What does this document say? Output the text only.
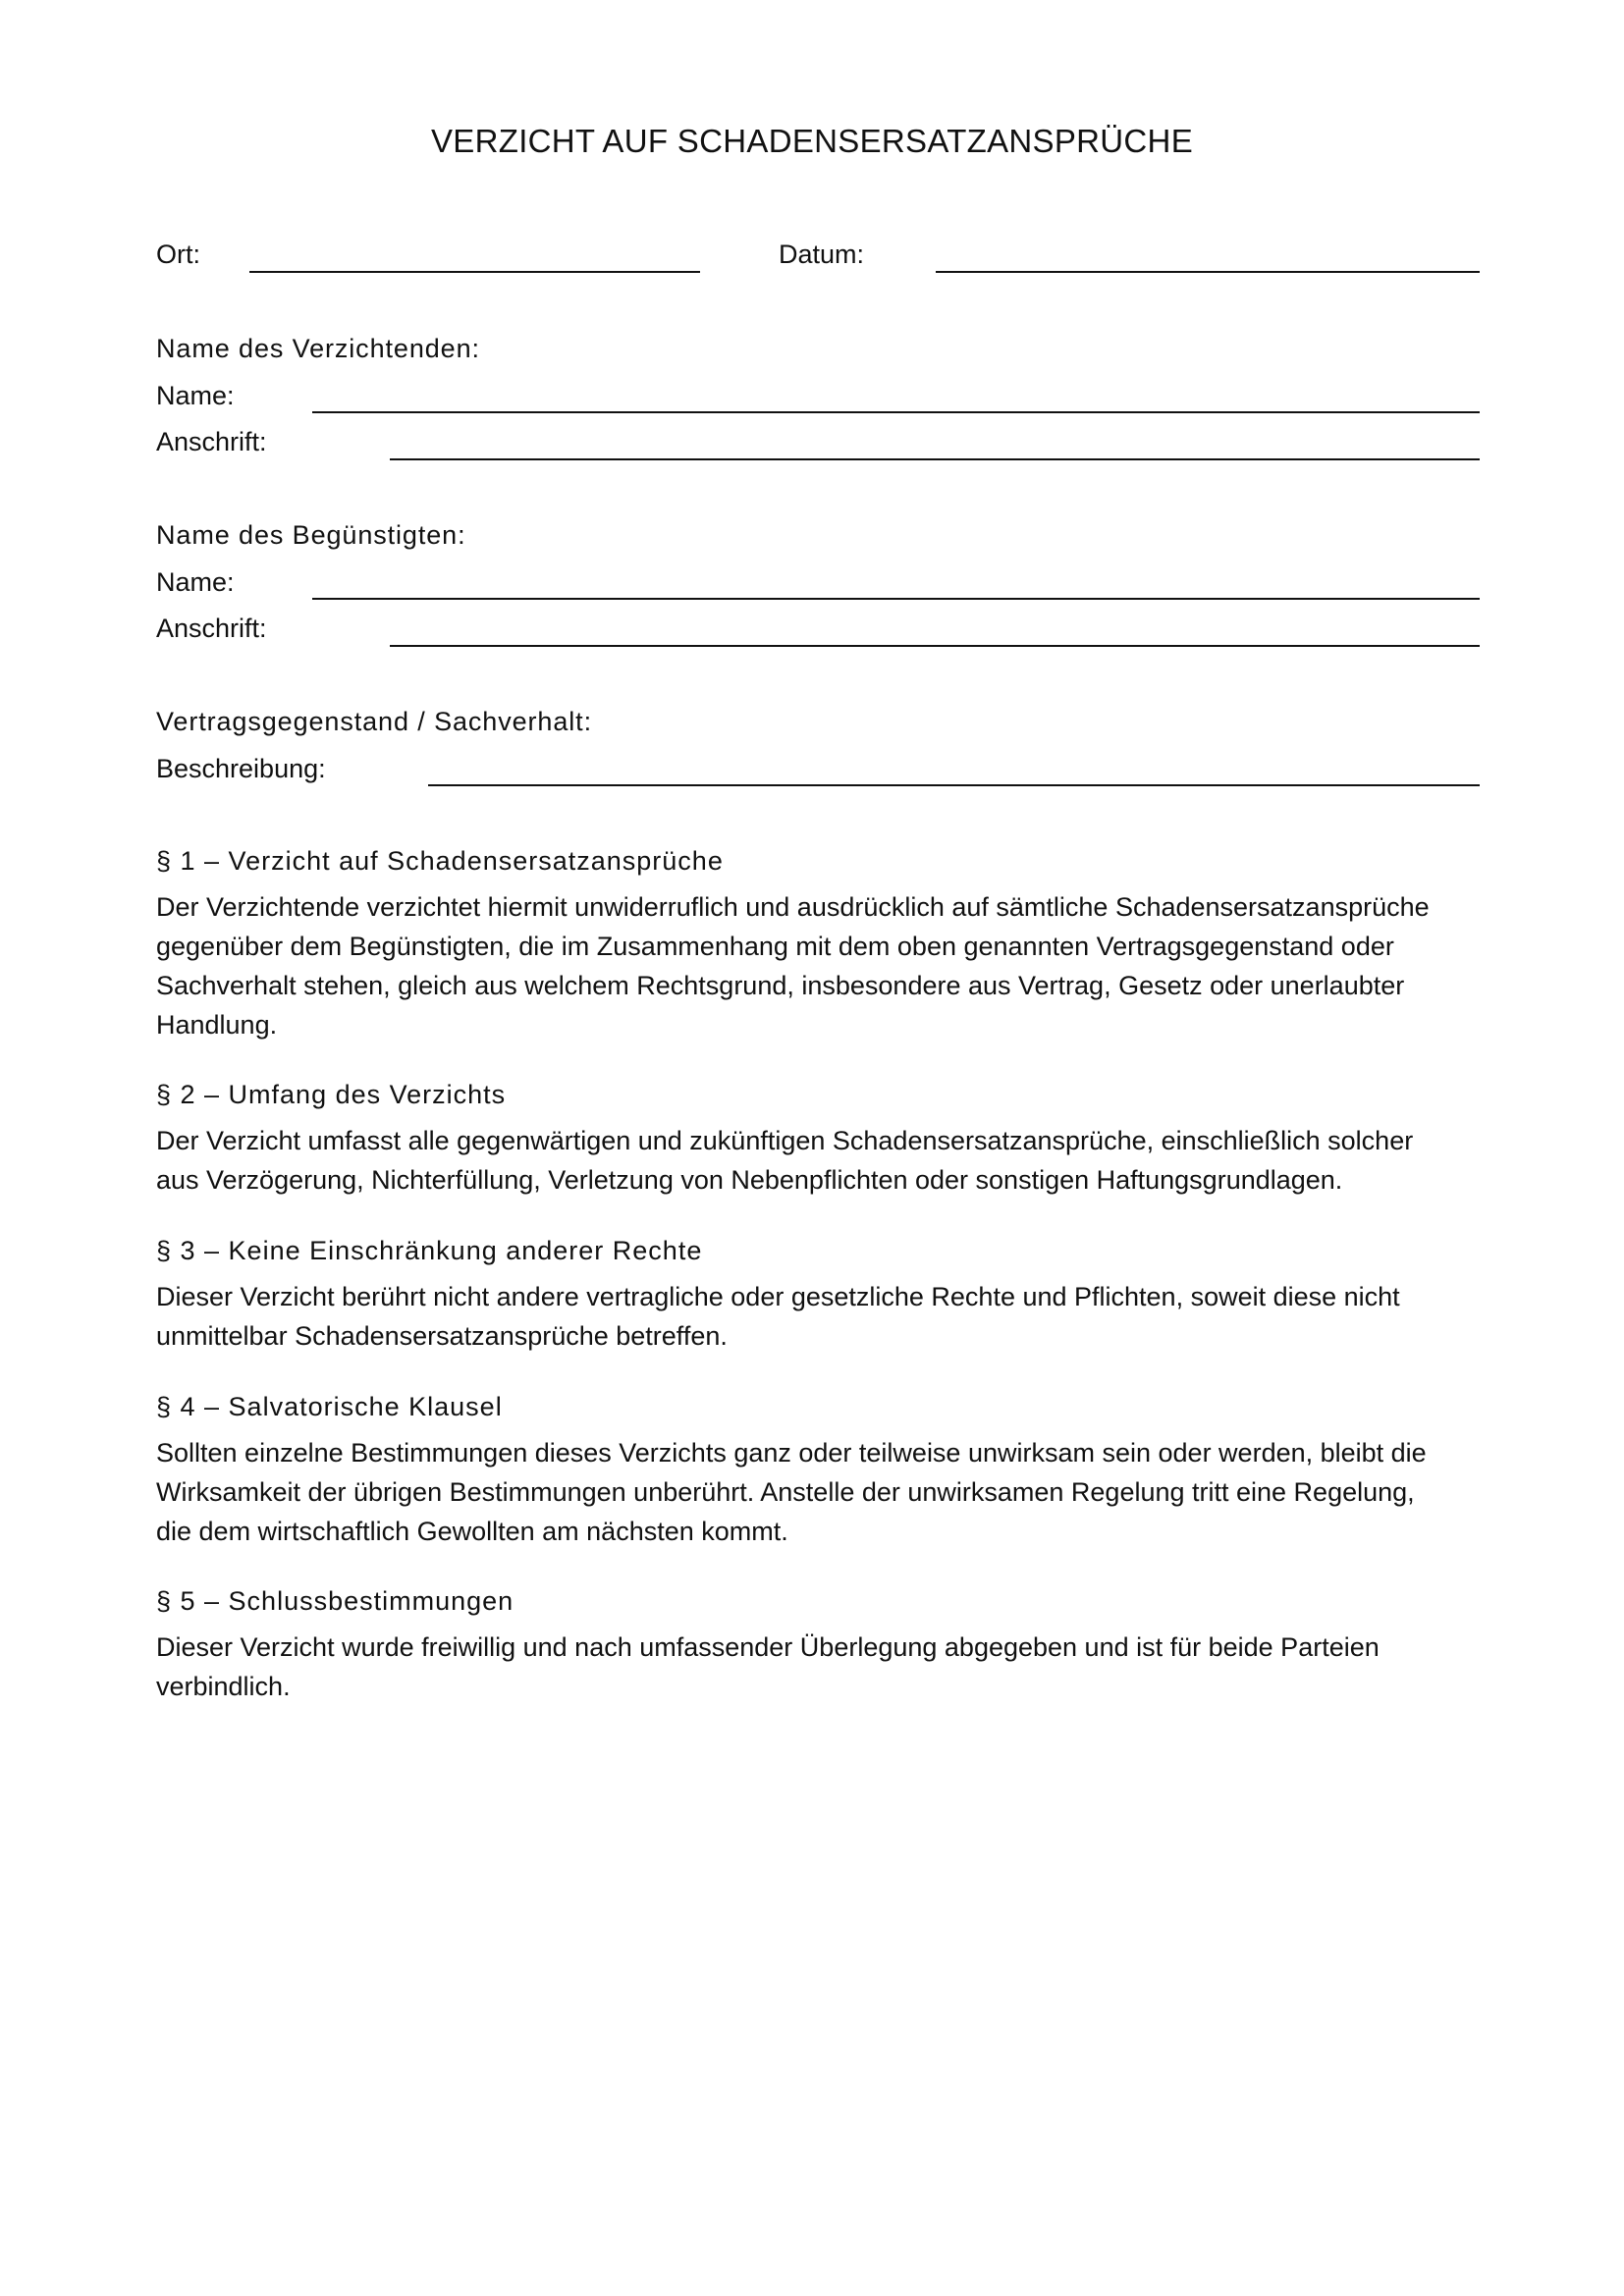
VERZICHT AUF SCHADENSERSATZANSPRÜCHE
Ort:	Datum:
Name des Verzichtenden:
Name:
Anschrift:
Name des Begünstigten:
Name:
Anschrift:
Vertragsgegenstand / Sachverhalt:
Beschreibung:
§ 1 – Verzicht auf Schadensersatzansprüche
Der Verzichtende verzichtet hiermit unwiderruflich und ausdrücklich auf sämtliche Schadensersatzansprüche
gegenüber dem Begünstigten, die im Zusammenhang mit dem oben genannten Vertragsgegenstand oder
Sachverhalt stehen, gleich aus welchem Rechtsgrund, insbesondere aus Vertrag, Gesetz oder unerlaubter
Handlung.
§ 2 – Umfang des Verzichts
Der Verzicht umfasst alle gegenwärtigen und zukünftigen Schadensersatzansprüche, einschließlich solcher
aus Verzögerung, Nichterfüllung, Verletzung von Nebenpflichten oder sonstigen Haftungsgrundlagen.
§ 3 – Keine Einschränkung anderer Rechte
Dieser Verzicht berührt nicht andere vertragliche oder gesetzliche Rechte und Pflichten, soweit diese nicht
unmittelbar Schadensersatzansprüche betreffen.
§ 4 – Salvatorische Klausel
Sollten einzelne Bestimmungen dieses Verzichts ganz oder teilweise unwirksam sein oder werden, bleibt die
Wirksamkeit der übrigen Bestimmungen unberührt. Anstelle der unwirksamen Regelung tritt eine Regelung,
die dem wirtschaftlich Gewollten am nächsten kommt.
§ 5 – Schlussbestimmungen
Dieser Verzicht wurde freiwillig und nach umfassender Überlegung abgegeben und ist für beide Parteien
verbindlich.
